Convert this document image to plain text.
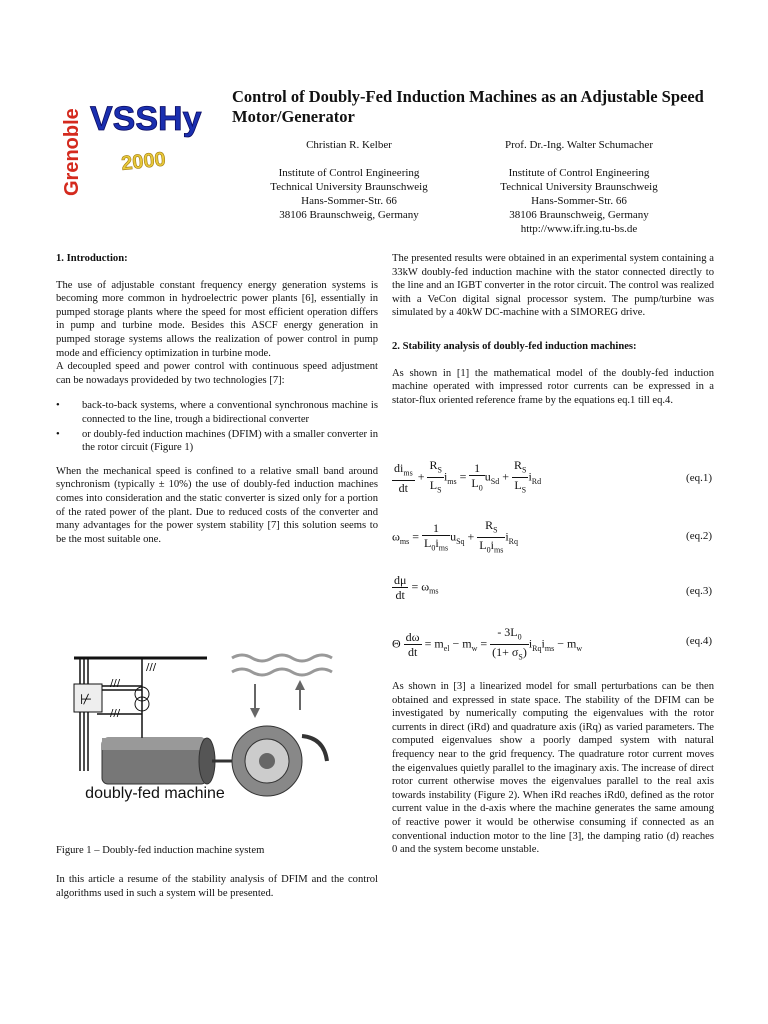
Grenoble VSSHy
2000
Control of Doubly-Fed Induction Machines as an Adjustable Speed Motor/Generator
Christian R. Kelber
Institute of Control Engineering
Technical University Braunschweig
Hans-Sommer-Str. 66
38106 Braunschweig, Germany
Prof. Dr.-Ing. Walter Schumacher
Institute of Control Engineering
Technical University Braunschweig
Hans-Sommer-Str. 66
38106 Braunschweig, Germany
http://www.ifr.ing.tu-bs.de
1. Introduction:

The use of adjustable constant frequency energy generation systems is becoming more common in hydroelectric power plants [6], essentially in pumped storage plants where the speed for most efficient operation differs in pump and turbine mode. Besides this ASCF energy generation in pumped storage systems allows the realization of power control in pump mode and efficiency optimization in turbine mode.

A decoupled speed and power control with continuous speed adjustment can be nowadays provideded by two technologies [7]:

• back-to-back systems, where a conventional synchronous machine is connected to the line, trough a bidirectional converter
• or doubly-fed induction machines (DFIM) with a smaller converter in the rotor circuit (Figure 1)

When the mechanical speed is confined to a relative small band around synchronism (typically ± 10%) the use of doubly-fed induction machines comes into consideration and the static converter is sized only for a portion of the rated power of the plant. Due to reduced costs of the converter and many advantages for the power system stability [7] this solution seems to be the most suitable one.

///
///
⊬
///
doubly-fed machine
Figure 1 – Doubly-fed induction machine system

In this article a resume of the stability analysis of DFIM and the control algorithms used in such a system will be presented.

The presented results were obtained in an experimental system containing a 33kW doubly-fed induction machine with the stator connected directly to the line and an IGBT converter in the rotor circuit. The control was realized with a VeCon digital signal processor system. The pump/turbine was simulated by a 40kW DC-machine with a SIMOREG drive.

2. Stability analysis of doubly-fed induction machines:

As shown in [1] the mathematical model of the doubly-fed induction machine operated with impressed rotor currents can be expressed in a stator-flux oriented reference frame by the equations eq.1 till eq.4.

$\frac{di_{ms}}{dt} + \frac{R_S}{L_S} i_{ms} = \frac{1}{L_0} u_{Sd} + \frac{R_S}{L_S} i_{Rd}$	(eq.1)
$\omega_{ms} = \frac{1}{L_0i_{ms}} u_{Sq} + \frac{R_S}{L_0i_{ms}} i_{Rq}$	(eq.2)
$\frac{d\mu}{dt} = \omega_{ms}$	(eq.3)
Θ $\frac{d\omega}{dt} = m_{el} - m_w = \frac{- 3L_0}{(1+ \sigma_S)} i_{Rq}i_{ms} - m_w$
(eq.4)

As shown in [3] a linearized model for small perturbations can be then obtained and expressed in state space. The stability of the DFIM can be investigated by numerically computing the eigenvalues with the rotor currents in direct (iRd) and quadrature axis (iRq) as varied parameters. The computed eigenvalues show a poorly damped system with natural frequency near to the grid frequency. The quadrature rotor current moves the eigenvalues quietly parallel to the imaginary axis. The increase of direct rotor current otherwise moves the eigenvalues parallel to the real axis towards instability (Figure 2). When iRd reaches iRd0, defined as the rotor current value in the d-axis where the machine generates the same amoung of reactive power it would be otherwise consuming if connected as an conventional induction motor to the line [3], the damping ratio (d) reaches 0 and the system become unstable.
